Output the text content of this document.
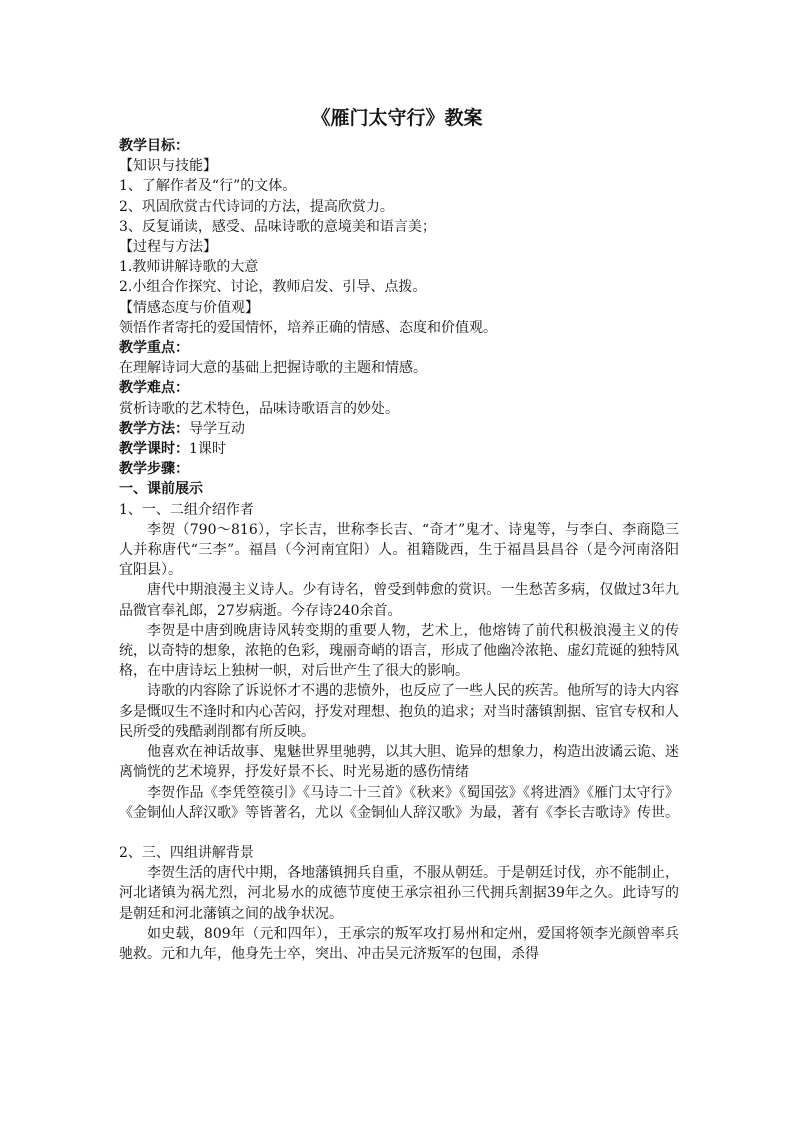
《雁门太守行》教案
教学目标：
【知识与技能】
1、了解作者及“行”的文体。
2、巩固欣赏古代诗词的方法，提高欣赏力。
3、反复诵读，感受、品味诗歌的意境美和语言美；
【过程与方法】
1.教师讲解诗歌的大意
2.小组合作探究、讨论，教师启发、引导、点拨。
【情感态度与价值观】
领悟作者寄托的爱国情怀，培养正确的情感、态度和价值观。
教学重点：
在理解诗词大意的基础上把握诗歌的主题和情感。
教学难点：
赏析诗歌的艺术特色，品味诗歌语言的妙处。
教学方法：导学互动
教学课时：1课时
教学步骤：
一、课前展示
1、一、二组介绍作者
李贺（790～816），字长吉，世称李长吉、“奇才”鬼才、诗鬼等，与李白、李商隐三人并称唐代“三李”。福昌（今河南宜阳）人。祖籍陇西，生于福昌县昌谷（是今河南洛阳宜阳县）。
唐代中期浪漫主义诗人。少有诗名，曾受到韩愈的赏识。一生愁苦多病，仅做过3年九品微官奉礼郎，27岁病逝。今存诗240余首。
李贺是中唐到晚唐诗风转变期的重要人物，艺术上，他熔铸了前代积极浪漫主义的传统，以奇特的想象，浓艳的色彩，瑰丽奇峭的语言，形成了他幽冷浓艳、虚幻荒诞的独特风格，在中唐诗坛上独树一帜，对后世产生了很大的影响。
诗歌的内容除了诉说怀才不遇的悲愤外，也反应了一些人民的疾苦。他所写的诗大内容多是慨叹生不逢时和内心苦闷，抒发对理想、抱负的追求；对当时藩镇割据、宦官专权和人民所受的残酷剥削都有所反映。
他喜欢在神话故事、鬼魅世界里驰骋，以其大胆、诡异的想象力，构造出波谲云诡、迷离惝恍的艺术境界，抒发好景不长、时光易逝的感伤情绪
李贺作品《李凭箜篌引》《马诗二十三首》《秋来》《蜀国弦》《将进酒》《雁门太守行》《金铜仙人辞汉歌》等皆著名，尤以《金铜仙人辞汉歌》为最，著有《李长吉歌诗》传世。
2、三、四组讲解背景
李贺生活的唐代中期，各地藩镇拥兵自重，不服从朝廷。于是朝廷讨伐，亦不能制止，河北诸镇为祸尤烈，河北易水的成德节度使王承宗祖孙三代拥兵割据39年之久。此诗写的是朝廷和河北藩镇之间的战争状况。
如史载，809年（元和四年），王承宗的叛军攻打易州和定州，爱国将领李光颜曾率兵驰救。元和九年，他身先士卒，突出、冲击吴元济叛军的包围，杀得
